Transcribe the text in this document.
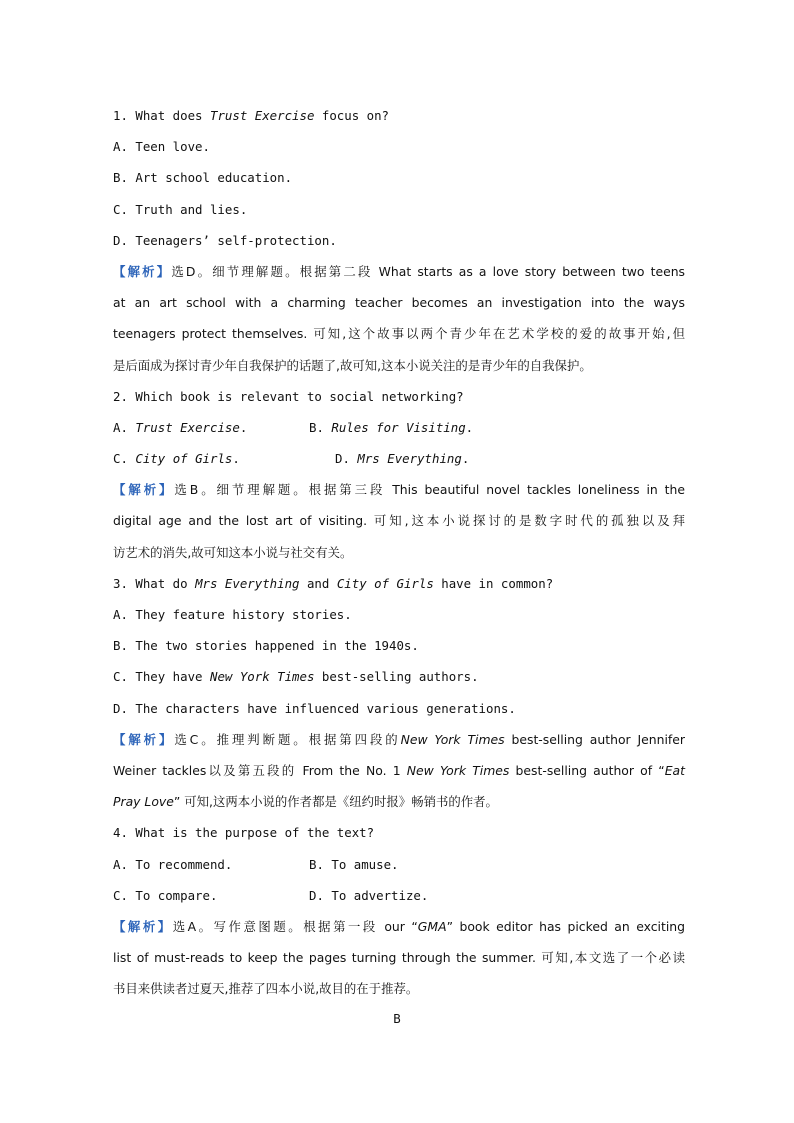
1. What does Trust Exercise focus on?
A. Teen love.
B. Art school education.
C. Truth and lies.
D. Teenagers’ self-protection.
【解析】选D。细节理解题。根据第二段 What starts as a love story between two teens
at an art school with a charming teacher becomes an investigation into the ways
teenagers protect themselves. 可知,这个故事以两个青少年在艺术学校的爱的故事开始,但
是后面成为探讨青少年自我保护的话题了,故可知,这本小说关注的是青少年的自我保护。
2. Which book is relevant to social networking?
A. Trust Exercise.	B. Rules for Visiting.
C. City of Girls.	D. Mrs Everything.
【解析】选B。细节理解题。根据第三段 This beautiful novel tackles loneliness in the
digital age and the lost art of visiting. 可知,这本小说探讨的是数字时代的孤独以及拜
访艺术的消失,故可知这本小说与社交有关。
3. What do Mrs Everything and City of Girls have in common?
A. They feature history stories.
B. The two stories happened in the 1940s.
C. They have New York Times best-selling authors.
D. The characters have influenced various generations.
【解析】选C。推理判断题。根据第四段的New York Times best-selling author Jennifer
Weiner tackles以及第五段的 From the No. 1 New York Times best-selling author of “Eat
Pray Love” 可知,这两本小说的作者都是《纽约时报》畅销书的作者。
4. What is the purpose of the text?
A. To recommend.	B. To amuse.
C. To compare.	D. To advertize.
【解析】选A。写作意图题。根据第一段 our “GMA” book editor has picked an exciting
list of must-reads to keep the pages turning through the summer. 可知,本文选了一个必读
书目来供读者过夏天,推荐了四本小说,故目的在于推荐。
B
